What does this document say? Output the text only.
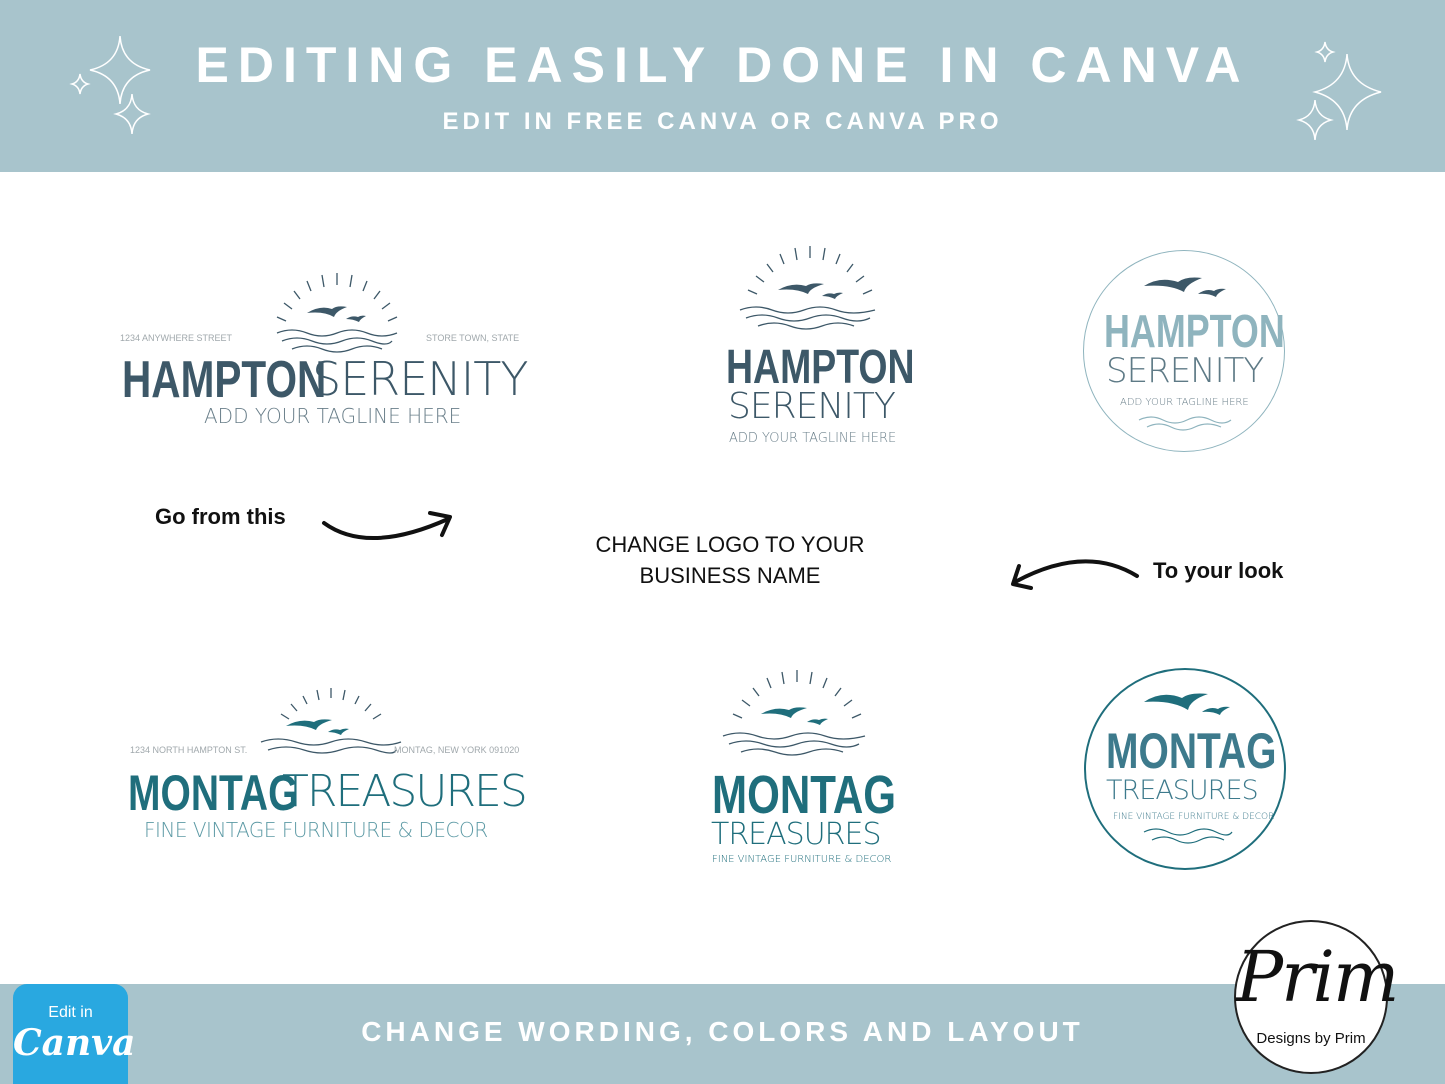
EDITING EASILY DONE IN CANVA
EDIT IN FREE CANVA OR CANVA PRO
1234 ANYWHERE STREET	STORE TOWN, STATE
HAMPTON
SERENITY
ADD YOUR TAGLINE HERE
HAMPTON
SERENITY
ADD YOUR TAGLINE HERE
HAMPTON
SERENITY
ADD YOUR TAGLINE HERE
Go from this
CHANGE LOGO TO YOUR
BUSINESS NAME	To your look
1234 NORTH HAMPTON ST.	MONTAG, NEW YORK 091020
MONTAG
TREASURES
FINE VINTAGE FURNITURE & DECOR
MONTAG
TREASURES
FINE VINTAGE FURNITURE & DECOR
MONTAG
TREASURES
FINE VINTAGE FURNITURE & DECOR
CHANGE WORDING, COLORS AND LAYOUT
Edit in
Canva
Prim
Designs by Prim
